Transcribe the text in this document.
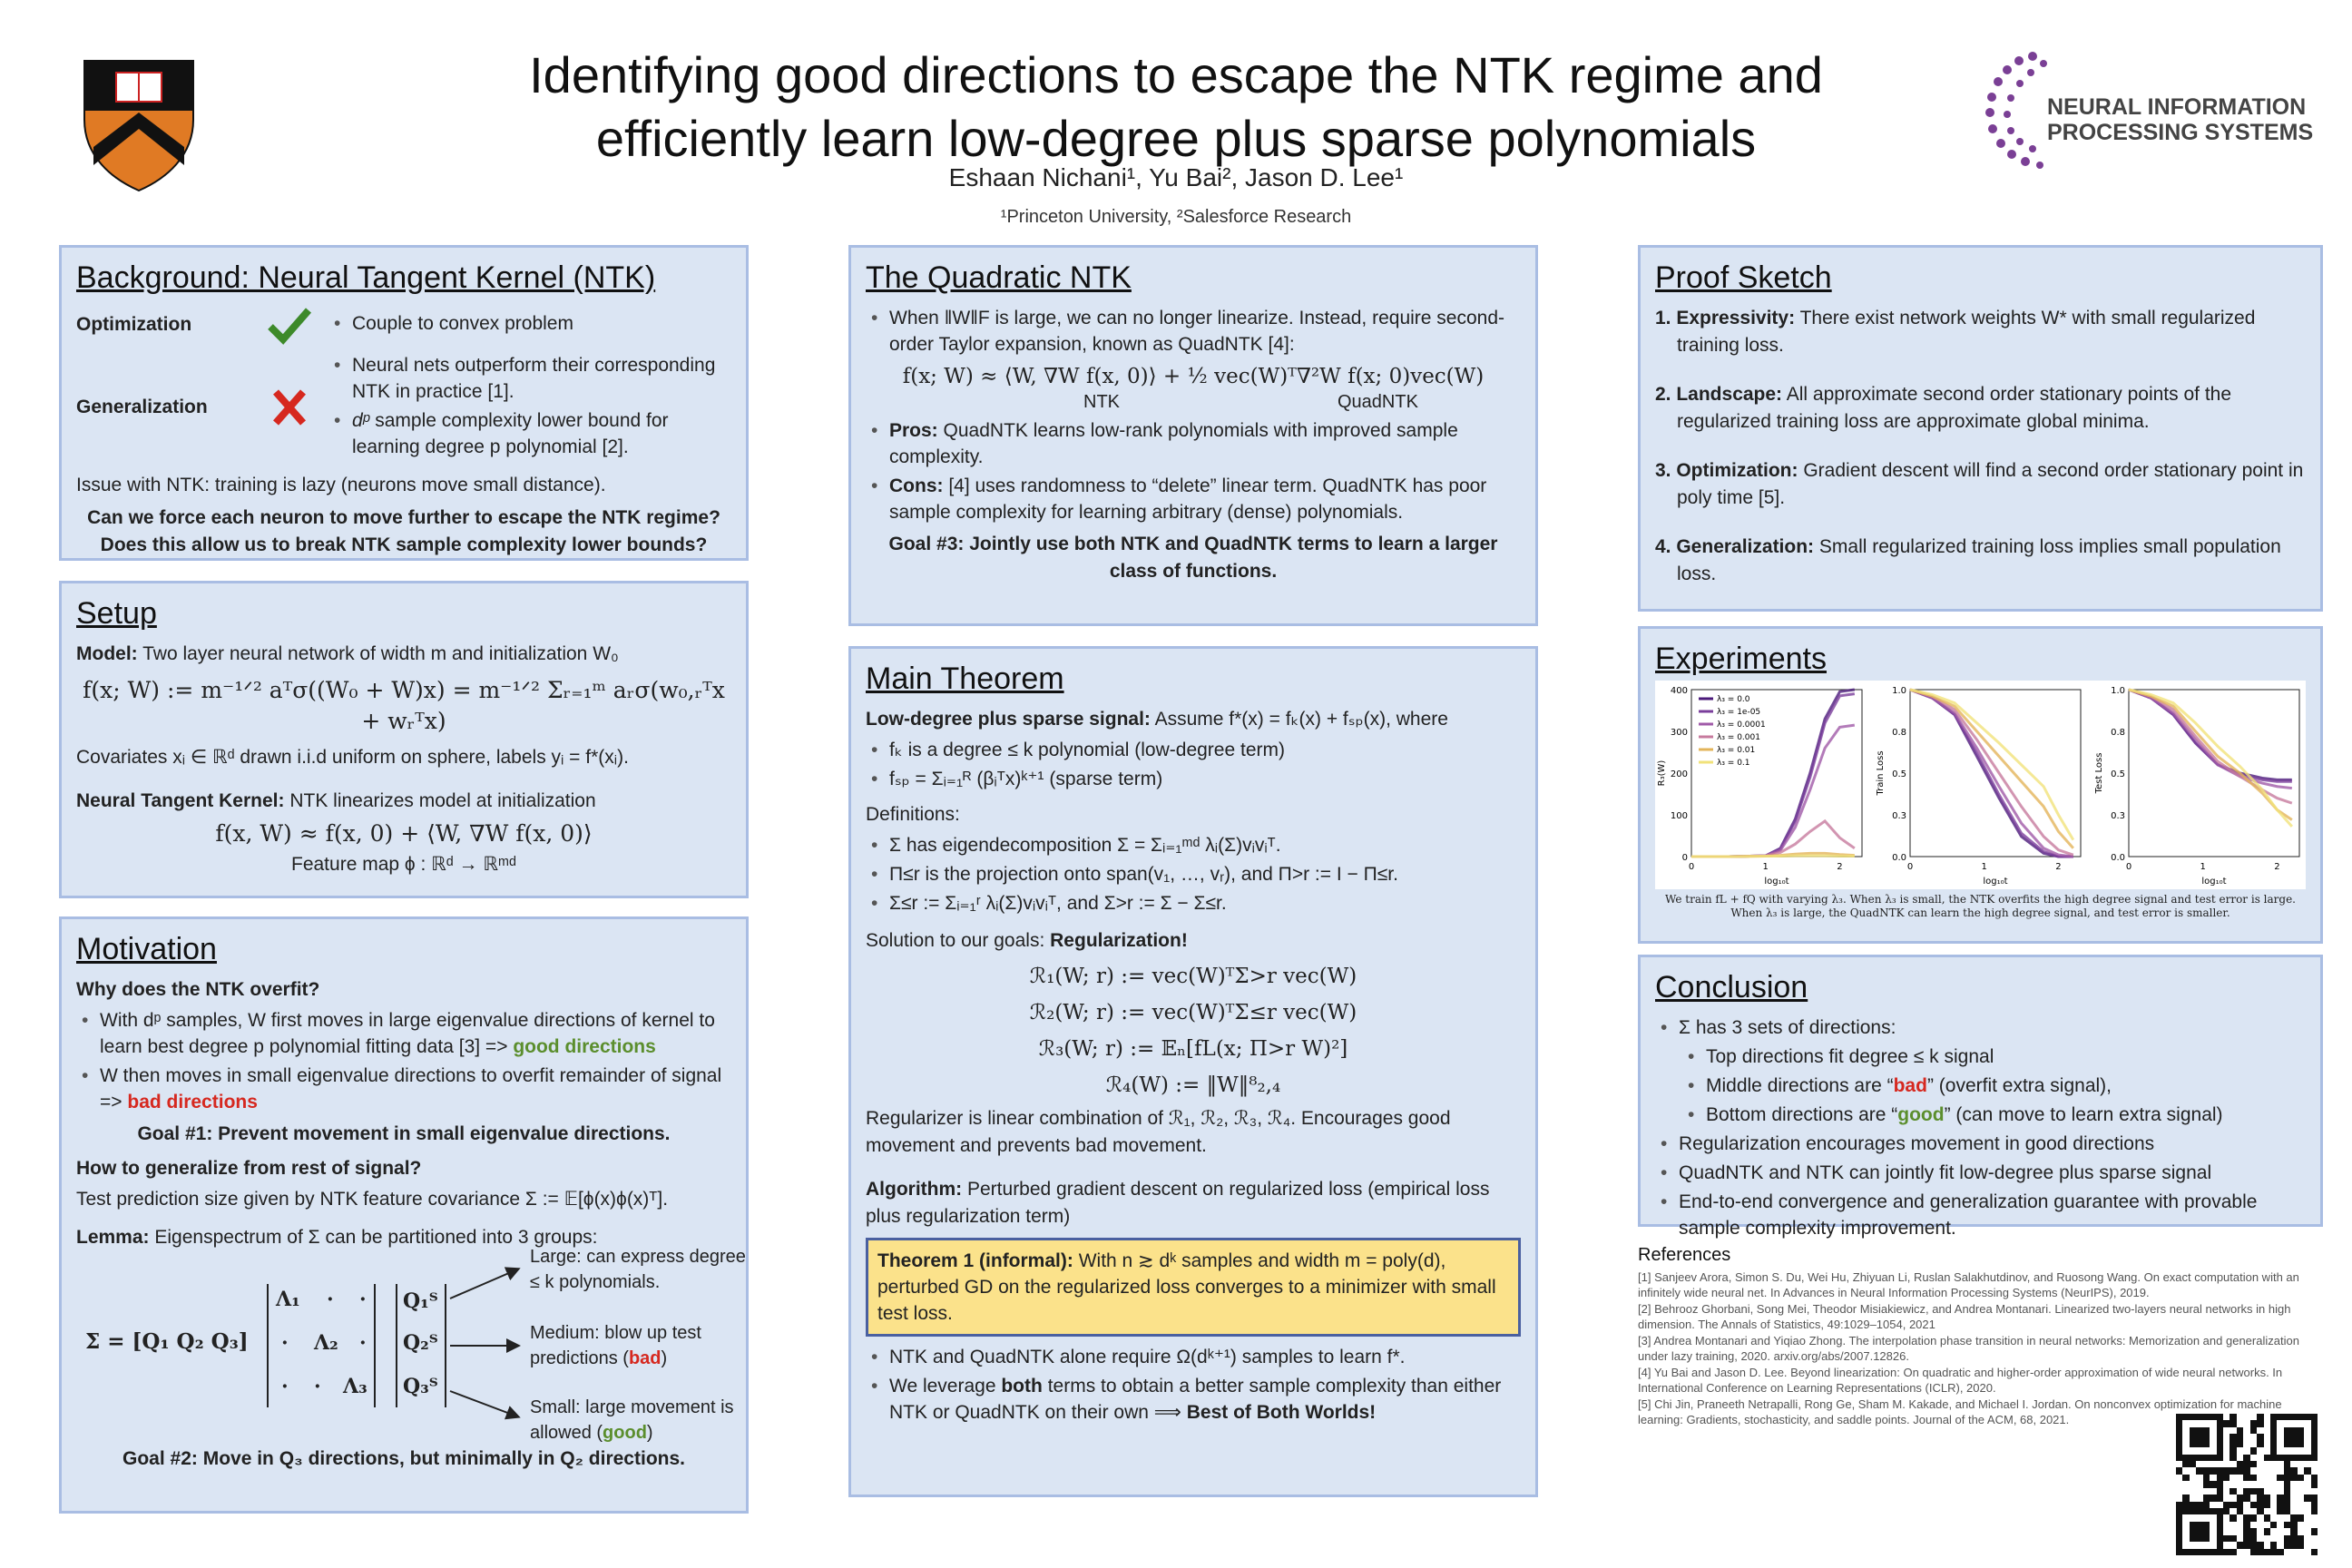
Identifying good directions to escape the NTK regime and
efficiently learn low-degree plus sparse polynomials
Eshaan Nichani¹, Yu Bai², Jason D. Lee¹
¹Princeton University, ²Salesforce Research
NEURAL INFORMATION
PROCESSING SYSTEMS
Background: Neural Tangent Kernel (NTK)
Optimization
•	Couple to convex problem
Generalization
• Neural nets outperform their corresponding NTK in practice [1].
• dᵖ sample complexity lower bound for learning degree p polynomial [2].
Issue with NTK: training is lazy (neurons move small distance).
Can we force each neuron to move further to escape the NTK regime? Does this allow us to break NTK sample complexity lower bounds?
Setup
Model: Two layer neural network of width m and initialization W₀
f(x; W) := m⁻¹ᐟ² aᵀσ((W₀ + W)x) = m⁻¹ᐟ² Σᵣ₌₁ᵐ aᵣσ(w₀,ᵣᵀx + wᵣᵀx)
Covariates xᵢ ∈ ℝᵈ drawn i.i.d uniform on sphere, labels yᵢ = f*(xᵢ).
Neural Tangent Kernel: NTK linearizes model at initialization
f(x, W) ≈ f(x, 0) + ⟨W, ∇W f(x, 0)⟩
Feature map ϕ : ℝᵈ → ℝᵐᵈ
Motivation
Why does the NTK overfit?
• With dᵖ samples, W first moves in large eigenvalue directions of kernel to learn best degree p polynomial fitting data [3] => good directions
• W then moves in small eigenvalue directions to overfit remainder of signal => bad directions
Goal #1: Prevent movement in small eigenvalue directions.
How to generalize from rest of signal?
Test prediction size given by NTK feature covariance Σ := 𝔼[ϕ(x)ϕ(x)ᵀ].
Lemma: Eigenspectrum of Σ can be partitioned into 3 groups:
Σ = [Q₁ Q₂ Q₃]
Λ₁ · ·
· Λ₂ ·
· · Λ₃
Q₁ᵀ
Q₂ᵀ
Q₃ᵀ
Large: can express degree ≤ k polynomials.
Medium: blow up test predictions (bad)
Small: large movement is allowed (good)
Goal #2: Move in Q₃ directions, but minimally in Q₂ directions.
The Quadratic NTK
• When ‖W‖F is large, we can no longer linearize. Instead, require second-order Taylor expansion, known as QuadNTK [4]:
f(x; W) ≈ ⟨W, ∇W f(x, 0)⟩ + ½ vec(W)ᵀ∇²W f(x; 0)vec(W)
NTK	QuadNTK
• Pros: QuadNTK learns low-rank polynomials with improved sample complexity.
• Cons: [4] uses randomness to “delete” linear term. QuadNTK has poor sample complexity for learning arbitrary (dense) polynomials.
Goal #3: Jointly use both NTK and QuadNTK terms to learn a larger class of functions.
Main Theorem
Low-degree plus sparse signal: Assume f*(x) = fₖ(x) + fₛₚ(x), where
• fₖ is a degree ≤ k polynomial (low-degree term)
• fₛₚ = Σᵢ₌₁ᴿ (βᵢᵀx)ᵏ⁺¹ (sparse term)
Definitions:
• Σ has eigendecomposition Σ = Σᵢ₌₁ᵐᵈ λᵢ(Σ)vᵢvᵢᵀ.
• Π≤r is the projection onto span(v₁, …, vᵣ), and Π>r := I − Π≤r.
• Σ≤r := Σᵢ₌₁ʳ λᵢ(Σ)vᵢvᵢᵀ, and Σ>r := Σ − Σ≤r.
Solution to our goals: Regularization!
ℛ₁(W; r) := vec(W)ᵀΣ>r vec(W)
ℛ₂(W; r) := vec(W)ᵀΣ≤r vec(W)
ℛ₃(W; r) := 𝔼ₙ[fL(x; Π>r W)²]
ℛ₄(W) := ‖W‖⁸₂,₄
Regularizer is linear combination of ℛ₁, ℛ₂, ℛ₃, ℛ₄. Encourages good movement and prevents bad movement.
Algorithm: Perturbed gradient descent on regularized loss (empirical loss plus regularization term)
Theorem 1 (informal): With n ≳ dᵏ samples and width m = poly(d), perturbed GD on the regularized loss converges to a minimizer with small test loss.
• NTK and QuadNTK alone require Ω(dᵏ⁺¹) samples to learn f*.
• We leverage both terms to obtain a better sample complexity than either NTK or QuadNTK on their own ⟹ Best of Both Worlds!
Proof Sketch
1. Expressivity: There exist network weights W* with small regularized training loss.
2. Landscape: All approximate second order stationary points of the regularized training loss are approximate global minima.
3. Optimization: Gradient descent will find a second order stationary point in poly time [5].
4. Generalization: Small regularized training loss implies small population loss.
Experiments
0
100
200
300
400
0	1	2
log₁₀t
R₃(W)
λ₃ = 0.0
λ₃ = 1e-05
λ₃ = 0.0001
λ₃ = 0.001
λ₃ = 0.01
λ₃ = 0.1
0.0
0.3
0.5
0.8
1.0
0	1	2
log₁₀t
Train Loss
0.0
0.3
0.5
0.8
1.0
0	1	2
log₁₀t
Test Loss
We train fL + fQ with varying λ₃. When λ₃ is small, the NTK overfits the high degree signal and test error is large. When λ₃ is large, the QuadNTK can learn the high degree signal, and test error is smaller.
Conclusion
• Σ has 3 sets of directions:
• Top directions fit degree ≤ k signal
• Middle directions are “bad” (overfit extra signal),
• Bottom directions are “good” (can move to learn extra signal)
• Regularization encourages movement in good directions
• QuadNTK and NTK can jointly fit low-degree plus sparse signal
• End-to-end convergence and generalization guarantee with provable sample complexity improvement.
References

[1] Sanjeev Arora, Simon S. Du, Wei Hu, Zhiyuan Li, Ruslan Salakhutdinov, and Ruosong Wang. On exact computation with an infinitely wide neural net. In Advances in Neural Information Processing Systems (NeurIPS), 2019.

[2] Behrooz Ghorbani, Song Mei, Theodor Misiakiewicz, and Andrea Montanari. Linearized two-layers neural networks in high dimension. The Annals of Statistics, 49:1029–1054, 2021

[3] Andrea Montanari and Yiqiao Zhong. The interpolation phase transition in neural networks: Memorization and generalization under lazy training, 2020. arxiv.org/abs/2007.12826.

[4] Yu Bai and Jason D. Lee. Beyond linearization: On quadratic and higher-order approximation of wide neural networks. In International Conference on Learning Representations (ICLR), 2020.

[5] Chi Jin, Praneeth Netrapalli, Rong Ge, Sham M. Kakade, and Michael I. Jordan. On nonconvex optimization for machine learning: Gradients, stochasticity, and saddle points. Journal of the ACM, 68, 2021.
